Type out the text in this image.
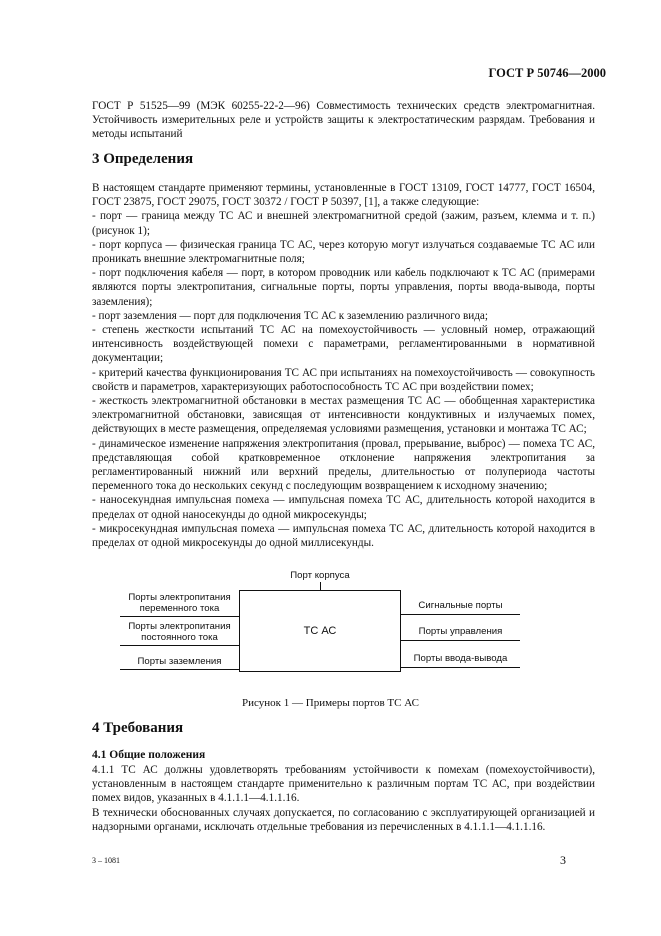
ГОСТ Р 50746—2000

ГОСТ Р 51525—99 (МЭК 60255-22-2—96) Совместимость технических средств электромагнитная. Устойчивость измерительных реле и устройств защиты к электростатическим разрядам. Требования и методы испытаний

3 Определения

В настоящем стандарте применяют термины, установленные в ГОСТ 13109, ГОСТ 14777, ГОСТ 16504, ГОСТ 23875, ГОСТ 29075, ГОСТ 30372 / ГОСТ Р 50397, [1], а также следующие:

- порт — граница между ТС АС и внешней электромагнитной средой (зажим, разъем, клемма и т. п.) (рисунок 1);

- порт корпуса — физическая граница ТС АС, через которую могут излучаться создаваемые ТС АС или проникать внешние электромагнитные поля;

- порт подключения кабеля — порт, в котором проводник или кабель подключают к ТС АС (примерами являются порты электропитания, сигнальные порты, порты управления, порты ввода-вывода, порты заземления);

- порт заземления — порт для подключения ТС АС к заземлению различного вида;

- степень жесткости испытаний ТС АС на помехоустойчивость — условный номер, отражающий интенсивность воздействующей помехи с параметрами, регламентированными в нормативной документации;

- критерий качества функционирования ТС АС при испытаниях на помехоустойчивость — совокупность свойств и параметров, характеризующих работоспособность ТС АС при воздействии помех;

- жесткость электромагнитной обстановки в местах размещения ТС АС — обобщенная характеристика электромагнитной обстановки, зависящая от интенсивности кондуктивных и излучаемых помех, действующих в месте размещения, определяемая условиями размещения, установки и монтажа ТС АС;

- динамическое изменение напряжения электропитания (провал, прерывание, выброс) — помеха ТС АС, представляющая собой кратковременное отклонение напряжения электропитания за регламентированный нижний или верхний пределы, длительностью от полупериода частоты переменного тока до нескольких секунд с последующим возвращением к исходному значению;

- наносекундная импульсная помеха — импульсная помеха ТС АС, длительность которой находится в пределах от одной наносекунды до одной микросекунды;

- микросекундная импульсная помеха — импульсная помеха ТС АС, длительность которой находится в пределах от одной микросекунды до одной миллисекунды.

Порт корпуса
ТС АС
Порты электропитания переменного тока
Порты электропитания постоянного тока
Порты заземления
Сигнальные порты
Порты управления
Порты ввода-вывода
Рисунок 1 — Примеры портов ТС АС
4 Требования
4.1 Общие положения

4.1.1 ТС АС должны удовлетворять требованиям устойчивости к помехам (помехоустойчивости), установленным в настоящем стандарте применительно к различным портам ТС АС, при воздействии помех видов, указанных в 4.1.1.1—4.1.1.16.

В технически обоснованных случаях допускается, по согласованию с эксплуатирующей организацией и надзорными органами, исключать отдельные требования из перечисленных в 4.1.1.1—4.1.1.16.

3 – 1081	3
